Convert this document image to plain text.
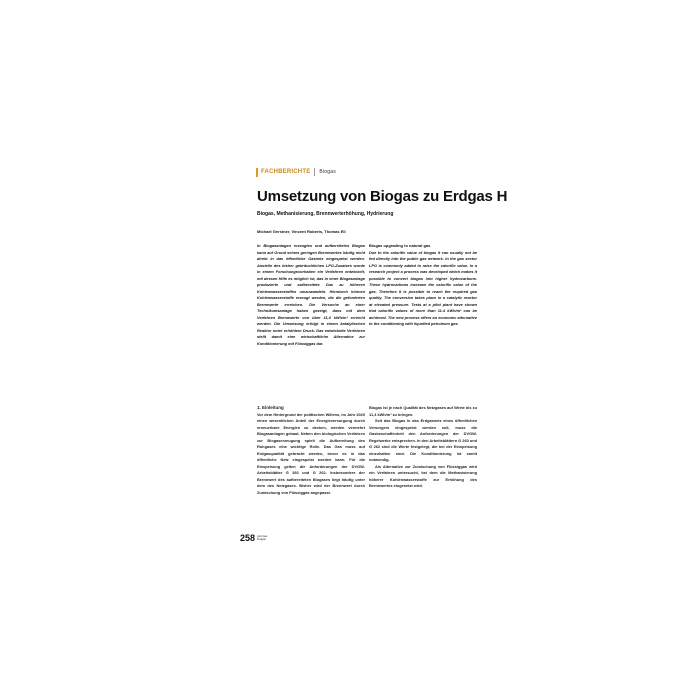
FACHBERICHTE Biogas
Umsetzung von Biogas zu Erdgas H
Biogas, Methanisierung, Brennwerterhöhung, Hydrierung
Michael Gerstner, Vincent Roberts, Thomas Ell

In Biogasanlagen erzeugtes und aufbereitetes Biogas kann auf Grund seines geringen Brennwertes häufig nicht direkt in das öffentliche Gasnetz eingespeist werden. Anstelle des bisher gebräuchlichen LPG-Zusatzes wurde in einem Forschungsvorhaben ein Verfahren entwickelt, mit dessen Hilfe es möglich ist, das in einer Biogasanlage produzierte und aufbereitete Gas zu höheren Kohlenwasserstoffen umzuwandeln. Hierdurch können Kohlenwasserstoffe erzeugt werden, die die geforderten Brennwerte erreichen. Die Versuche an einer Technikumsanlage haben gezeigt, dass mit dem Verfahren Brennwerte von über 11,4 kWh/m³ erreicht werden. Die Umsetzung erfolgt in einem katalytischen Reaktor unter erhöhtem Druck. Das entwickelte Verfahren stellt damit eine wirtschaftliche Alternative zur Konditionierung mit Flüssiggas dar.

Biogas upgrading to natural gas

Due to the calorific value of biogas it can usually not be fed directly into the public gas network. In the gas sector LPG is commonly added to raise the calorific value. In a research project a process was developed which makes it possible to convert biogas into higher hydrocarbons. These hydrocarbons increase the calorific value of the gas. Therefore it is possible to reach the required gas quality. The conversion takes place in a catalytic reactor at elevated pressure. Tests at a pilot plant have shown that calorific values of more than 11.4 kWh/m³ can be achieved. The new process offers an economic alternative to the conditioning with liquefied petroleum gas.

1. Einleitung

Vor dem Hintergrund der politischen Willens, im Jahr 2020 einen wesentlichen Anteil der Energieversorgung durch erneuerbare Energien zu decken, werden vermehrt Biogasanlagen gebaut. Neben den biologischen Verfahren zur Biogaserzeugung spielt die Aufbereitung des Rohgases eine wichtige Rolle. Das Gas muss auf Erdgasqualität gebracht werden, bevor es in das öffentliche Netz eingespeist werden kann. Für die Einspeisung gelten die Anforderungen der DVGW-Arbeitsblätter G 260 und G 262. Insbesondere der Brennwert des aufbereiteten Biogases liegt häufig unter dem des Netzgases. Bisher wird der Brennwert durch Zumischung von Flüssiggas angepasst.

Biogas ist je nach Qualität des Netzgases auf Werte bis zu 11,4 kWh/m³ zu bringen.

Seit das Biogas in das Erdgasnetz eines öffentlichen Versorgers eingespeist werden soll, muss die Gasbeschaffenheit den Anforderungen der DVGW-Regelwerke entsprechen. In den Arbeitsblättern G 260 und G 262 sind die Werte festgelegt, die bei der Einspeisung einzuhalten sind. Die Konditionierung ist somit notwendig.

Als Alternative zur Zumischung von Flüssiggas wird ein Verfahren untersucht, bei dem die Methanisierung höherer Kohlenwasserstoffe zur Erhöhung des Brennwertes eingesetzt wird.

258 gwf-Gas
Erdgas
